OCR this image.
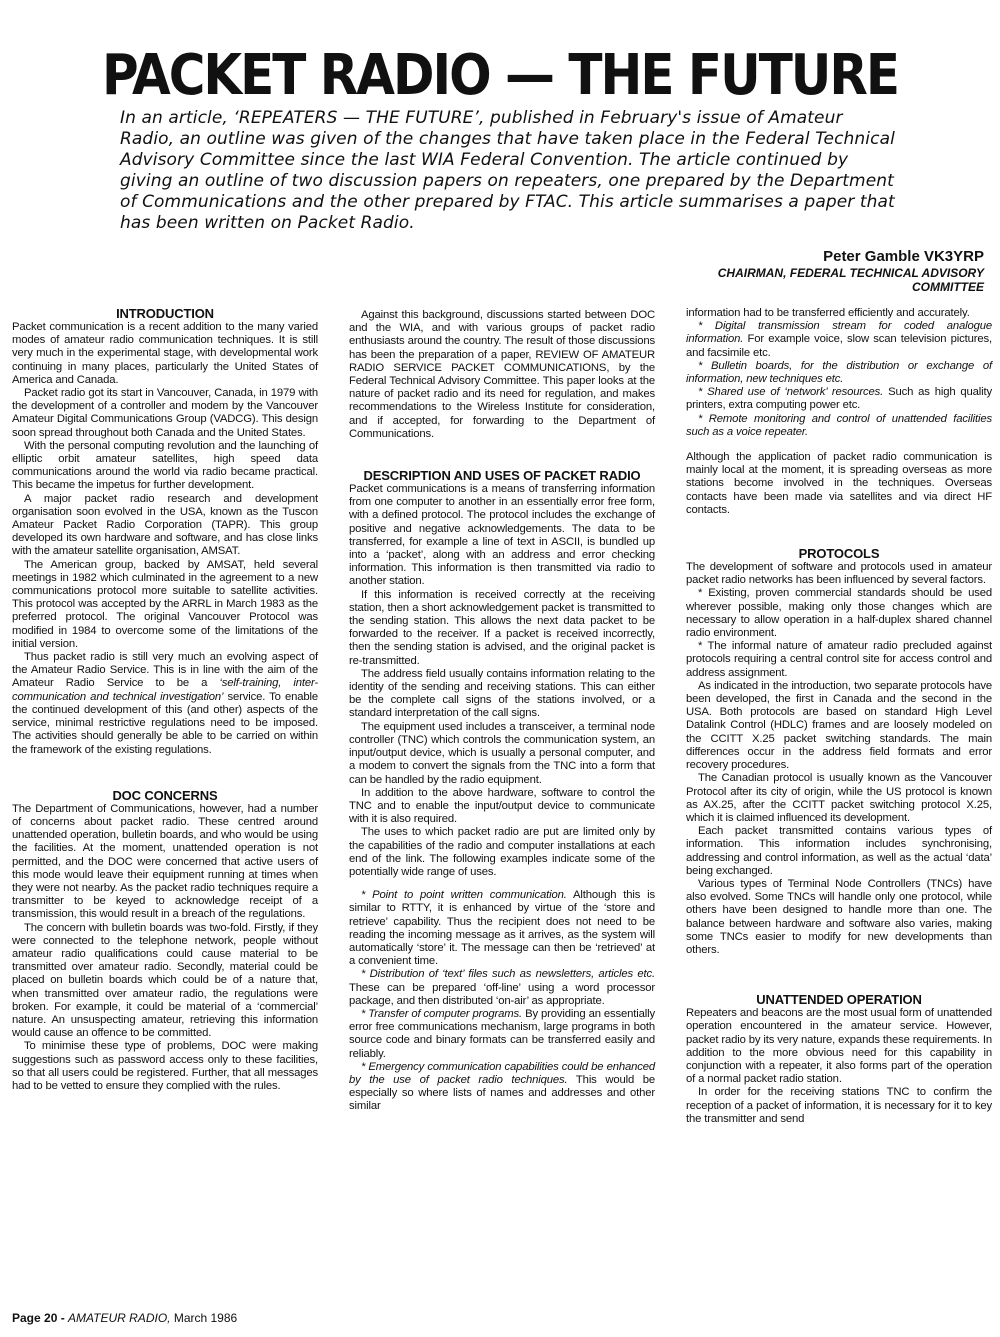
PACKET RADIO — THE FUTURE

In an article, ‘REPEATERS — THE FUTURE’, published in February's issue of Amateur Radio, an outline was given of the changes that have taken place in the Federal Technical Advisory Committee since the last WIA Federal Convention. The article continued by giving an outline of two discussion papers on repeaters, one prepared by the Department of Communications and the other prepared by FTAC. This article summarises a paper that has been written on Packet Radio.

Peter Gamble VK3YRP
CHAIRMAN, FEDERAL TECHNICAL ADVISORY COMMITTEE
INTRODUCTION

Packet communication is a recent addition to the many varied modes of amateur radio communication techniques. It is still very much in the experimental stage, with developmental work continuing in many places, particularly the United States of America and Canada.

Packet radio got its start in Vancouver, Canada, in 1979 with the development of a controller and modem by the Vancouver Amateur Digital Communications Group (VADCG). This design soon spread throughout both Canada and the United States.

With the personal computing revolution and the launching of elliptic orbit amateur satellites, high speed data communications around the world via radio became practical. This became the impetus for further development.

A major packet radio research and development organisation soon evolved in the USA, known as the Tuscon Amateur Packet Radio Corporation (TAPR). This group developed its own hardware and software, and has close links with the amateur satellite organisation, AMSAT.

The American group, backed by AMSAT, held several meetings in 1982 which culminated in the agreement to a new communications protocol more suitable to satellite activities. This protocol was accepted by the ARRL in March 1983 as the preferred protocol. The original Vancouver Protocol was modified in 1984 to overcome some of the limitations of the initial version.

Thus packet radio is still very much an evolving aspect of the Amateur Radio Service. This is in line with the aim of the Amateur Radio Service to be a ‘self-training, inter-communication and technical investigation’ service. To enable the continued development of this (and other) aspects of the service, minimal restrictive regulations need to be imposed. The activities should generally be able to be carried on within the framework of the existing regulations.

DOC CONCERNS

The Department of Communications, however, had a number of concerns about packet radio. These centred around unattended operation, bulletin boards, and who would be using the facilities. At the moment, unattended operation is not permitted, and the DOC were concerned that active users of this mode would leave their equipment running at times when they were not nearby. As the packet radio techniques require a transmitter to be keyed to acknowledge receipt of a transmission, this would result in a breach of the regulations.

The concern with bulletin boards was two-fold. Firstly, if they were connected to the telephone network, people without amateur radio qualifications could cause material to be transmitted over amateur radio. Secondly, material could be placed on bulletin boards which could be of a nature that, when transmitted over amateur radio, the regulations were broken. For example, it could be material of a ‘commercial’ nature. An unsuspecting amateur, retrieving this information would cause an offence to be committed.

To minimise these type of problems, DOC were making suggestions such as password access only to these facilities, so that all users could be registered. Further, that all messages had to be vetted to ensure they complied with the rules.

Against this background, discussions started between DOC and the WIA, and with various groups of packet radio enthusiasts around the country. The result of those discussions has been the preparation of a paper, REVIEW OF AMATEUR RADIO SERVICE PACKET COMMUNICATIONS, by the Federal Technical Advisory Committee. This paper looks at the nature of packet radio and its need for regulation, and makes recommendations to the Wireless Institute for consideration, and if accepted, for forwarding to the Department of Communications.

DESCRIPTION AND USES OF PACKET RADIO

Packet communications is a means of transferring information from one computer to another in an essentially error free form, with a defined protocol. The protocol includes the exchange of positive and negative acknowledgements. The data to be transferred, for example a line of text in ASCII, is bundled up into a ‘packet’, along with an address and error checking information. This information is then transmitted via radio to another station.

If this information is received correctly at the receiving station, then a short acknowledgement packet is transmitted to the sending station. This allows the next data packet to be forwarded to the receiver. If a packet is received incorrectly, then the sending station is advised, and the original packet is re-transmitted.

The address field usually contains information relating to the identity of the sending and receiving stations. This can either be the complete call signs of the stations involved, or a standard interpretation of the call signs.

The equipment used includes a transceiver, a terminal node controller (TNC) which controls the communication system, an input/output device, which is usually a personal computer, and a modem to convert the signals from the TNC into a form that can be handled by the radio equipment.

In addition to the above hardware, software to control the TNC and to enable the input/output device to communicate with it is also required.

The uses to which packet radio are put are limited only by the capabilities of the radio and computer installations at each end of the link. The following examples indicate some of the potentially wide range of uses.

* Point to point written communication. Although this is similar to RTTY, it is enhanced by virtue of the ‘store and retrieve’ capability. Thus the recipient does not need to be reading the incoming message as it arrives, as the system will automatically ‘store’ it. The message can then be ‘retrieved’ at a convenient time.

* Distribution of ‘text’ files such as newsletters, articles etc. These can be prepared ‘off-line’ using a word processor package, and then distributed ‘on-air’ as appropriate.

* Transfer of computer programs. By providing an essentially error free communications mechanism, large programs in both source code and binary formats can be transferred easily and reliably.

* Emergency communication capabilities could be enhanced by the use of packet radio techniques. This would be especially so where lists of names and addresses and other similar

information had to be transferred efficiently and accurately.

* Digital transmission stream for coded analogue information. For example voice, slow scan television pictures, and facsimile etc.

* Bulletin boards, for the distribution or exchange of information, new techniques etc.

* Shared use of ‘network’ resources. Such as high quality printers, extra computing power etc.

* Remote monitoring and control of unattended facilities such as a voice repeater.

Although the application of packet radio communication is mainly local at the moment, it is spreading overseas as more stations become involved in the techniques. Overseas contacts have been made via satellites and via direct HF contacts.

PROTOCOLS

The development of software and protocols used in amateur packet radio networks has been influenced by several factors.

* Existing, proven commercial standards should be used wherever possible, making only those changes which are necessary to allow operation in a half-duplex shared channel radio environment.

* The informal nature of amateur radio precluded against protocols requiring a central control site for access control and address assignment.

As indicated in the introduction, two separate protocols have been developed, the first in Canada and the second in the USA. Both protocols are based on standard High Level Datalink Control (HDLC) frames and are loosely modeled on the CCITT X.25 packet switching standards. The main differences occur in the address field formats and error recovery procedures.

The Canadian protocol is usually known as the Vancouver Protocol after its city of origin, while the US protocol is known as AX.25, after the CCITT packet switching protocol X.25, which it is claimed influenced its development.

Each packet transmitted contains various types of information. This information includes synchronising, addressing and control information, as well as the actual ‘data’ being exchanged.

Various types of Terminal Node Controllers (TNCs) have also evolved. Some TNCs will handle only one protocol, while others have been designed to handle more than one. The balance between hardware and software also varies, making some TNCs easier to modify for new developments than others.

UNATTENDED OPERATION

Repeaters and beacons are the most usual form of unattended operation encountered in the amateur service. However, packet radio by its very nature, expands these requirements. In addition to the more obvious need for this capability in conjunction with a repeater, it also forms part of the operation of a normal packet radio station.

In order for the receiving stations TNC to confirm the reception of a packet of information, it is necessary for it to key the transmitter and send

Page 20 - AMATEUR RADIO, March 1986
